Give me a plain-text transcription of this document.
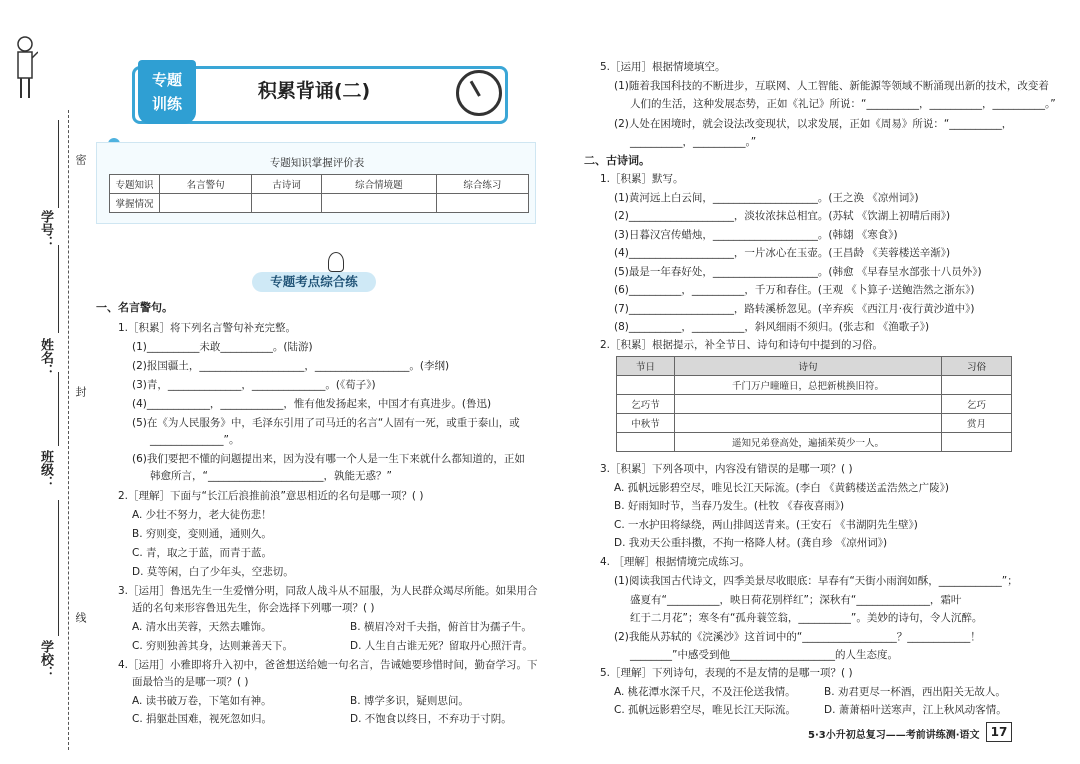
学号：
姓名：
班级：
学校：
密
封
线
专题
训练
积累背诵(二)
专题知识掌握评价表
专题知识	名言警句	古诗词	综合情境题	综合练习
掌握情况				
专题考点综合练
一、名言警句。
1.［积累］将下列名言警句补充完整。
(1)__________未敢__________。(陆游)
(2)报国疆土，____________________，__________________。(李纲)
(3)青，______________，______________。(《荀子》)
(4)____________，____________，惟有他发扬起来，中国才有真进步。(鲁迅)
(5)在《为人民服务》中，毛泽东引用了司马迁的名言“人固有一死，或重于泰山，或
______________”。
(6)我们要把不懂的问题提出来，因为没有哪一个人是一生下来就什么都知道的，正如
韩愈所言，“______________________，孰能无惑？”
2.［理解］下面与“长江后浪推前浪”意思相近的名句是哪一项？( )
A. 少壮不努力，老大徒伤悲！
B. 穷则变，变则通，通则久。
C. 青，取之于蓝，而青于蓝。
D. 莫等闲，白了少年头，空悲切。
3.［运用］鲁迅先生一生爱憎分明，同敌人战斗从不屈服，为人民群众竭尽所能。如果用合
适的名句来形容鲁迅先生，你会选择下列哪一项？( )
A. 清水出芙蓉，天然去雕饰。	B. 横眉冷对千夫指，俯首甘为孺子牛。
C. 穷则独善其身，达则兼善天下。	D. 人生自古谁无死？留取丹心照汗青。
4.［运用］小雅即将升入初中，爸爸想送给她一句名言，告诫她要珍惜时间，勤奋学习。下
面最恰当的是哪一项？( )
A. 读书破万卷，下笔如有神。	B. 博学多识，疑则思问。
C. 捐躯赴国难，视死忽如归。	D. 不饱食以终日，不弃功于寸阴。
5.［运用］根据情境填空。
(1)随着我国科技的不断进步，互联网、人工智能、新能源等领域不断涌现出新的技术，改变着
人们的生活，这种发展态势，正如《礼记》所说：“__________，__________，__________。”
(2)人处在困境时，就会设法改变现状，以求发展，正如《周易》所说：“__________，
__________，__________。”
二、古诗词。
1.［积累］默写。
(1)黄河远上白云间，____________________。(王之涣 《凉州词》)
(2)____________________，淡妆浓抹总相宜。(苏轼 《饮湖上初晴后雨》)
(3)日暮汉宫传蜡烛，____________________。(韩翃 《寒食》)
(4)____________________，一片冰心在玉壶。(王昌龄 《芙蓉楼送辛渐》)
(5)最是一年春好处，____________________。(韩愈 《早春呈水部张十八员外》)
(6)__________，__________，千万和春住。(王观 《卜算子·送鲍浩然之浙东》)
(7)____________________，路转溪桥忽见。(辛弃疾 《西江月·夜行黄沙道中》)
(8)__________，__________，斜风细雨不须归。(张志和 《渔歌子》)
2.［积累］根据提示，补全节日、诗句和诗句中提到的习俗。
节日	诗句	习俗
	千门万户曈曈日，总把新桃换旧符。	
乞巧节		乞巧
中秋节		赏月
	遥知兄弟登高处，遍插茱萸少一人。	
3.［积累］下列各项中，内容没有错误的是哪一项？( )
A. 孤帆远影碧空尽，唯见长江天际流。(李白 《黄鹤楼送孟浩然之广陵》)
B. 好雨知时节，当春乃发生。(杜牧 《春夜喜雨》)
C. 一水护田将绿绕，两山排闼送青来。(王安石 《书湖阴先生壁》)
D. 我劝天公重抖擞，不拘一格降人材。(龚自珍 《凉州词》)
4. ［理解］根据情境完成练习。
(1)阅读我国古代诗文，四季美景尽收眼底：早春有“天街小雨润如酥，____________”；
盛夏有“__________，映日荷花别样红”；深秋有“______________，霜叶
红于二月花”；寒冬有“孤舟蓑笠翁，__________”。美妙的诗句，令人沉醉。
(2)我能从苏轼的《浣溪沙》这首词中的“__________________？____________！
________”中感受到他____________________的人生态度。
5.［理解］下列诗句，表现的不是友情的是哪一项？( )
A. 桃花潭水深千尺，不及汪伦送我情。	B. 劝君更尽一杯酒，西出阳关无故人。
C. 孤帆远影碧空尽，唯见长江天际流。	D. 萧萧梧叶送寒声，江上秋风动客情。
5·3小升初总复习——考前讲练测·语文 17
